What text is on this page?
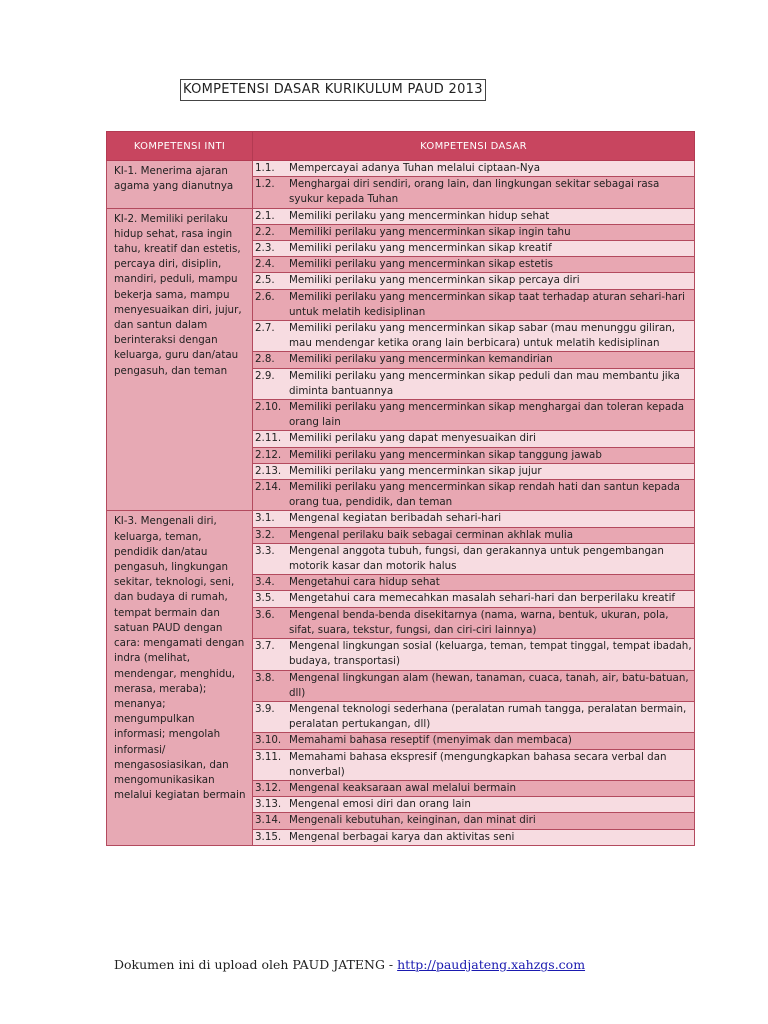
KOMPETENSI DASAR KURIKULUM PAUD 2013
KOMPETENSI INTI	KOMPETENSI DASAR
KI-1. Menerima ajaran agama yang dianutnya	1.1. Mempercayai adanya Tuhan melalui ciptaan-Nya

	1.2. Menghargai diri sendiri, orang lain, dan lingkungan sekitar sebagai rasa syukur kepada Tuhan

KI-2. Memiliki perilaku hidup sehat, rasa ingin tahu, kreatif dan estetis, percaya diri, disiplin, mandiri, peduli, mampu bekerja sama, mampu menyesuaikan diri, jujur, dan santun dalam berinteraksi dengan keluarga, guru dan/atau pengasuh, dan teman	2.1. Memiliki perilaku yang mencerminkan hidup sehat

	2.2. Memiliki perilaku yang mencerminkan sikap ingin tahu

	2.3. Memiliki perilaku yang mencerminkan sikap kreatif

	2.4. Memiliki perilaku yang mencerminkan sikap estetis

	2.5. Memiliki perilaku yang mencerminkan sikap percaya diri

	2.6. Memiliki perilaku yang mencerminkan sikap taat terhadap aturan sehari-hari untuk melatih kedisiplinan

	2.7. Memiliki perilaku yang mencerminkan sikap sabar (mau menunggu giliran, mau mendengar ketika orang lain berbicara) untuk melatih kedisiplinan

	2.8. Memiliki perilaku yang mencerminkan kemandirian

	2.9. Memiliki perilaku yang mencerminkan sikap peduli dan mau membantu jika diminta bantuannya

	2.10. Memiliki perilaku yang mencerminkan sikap menghargai dan toleran kepada orang lain

	2.11. Memiliki perilaku yang dapat menyesuaikan diri

	2.12. Memiliki perilaku yang mencerminkan sikap tanggung jawab

	2.13. Memiliki perilaku yang mencerminkan sikap jujur

	2.14. Memiliki perilaku yang mencerminkan sikap rendah hati dan santun kepada orang tua, pendidik, dan teman

KI-3. Mengenali diri, keluarga, teman, pendidik dan/atau pengasuh, lingkungan sekitar, teknologi, seni, dan budaya di rumah, tempat bermain dan satuan PAUD dengan cara: mengamati dengan indra (melihat, mendengar, menghidu, merasa, meraba); menanya; mengumpulkan informasi; mengolah informasi/ mengasosiasikan, dan mengomunikasikan melalui kegiatan bermain	3.1. Mengenal kegiatan beribadah sehari-hari

	3.2. Mengenal perilaku baik sebagai cerminan akhlak mulia

	3.3. Mengenal anggota tubuh, fungsi, dan gerakannya untuk pengembangan motorik kasar dan motorik halus

	3.4. Mengetahui cara hidup sehat

	3.5. Mengetahui cara memecahkan masalah sehari-hari dan berperilaku kreatif

	3.6. Mengenal benda-benda disekitarnya (nama, warna, bentuk, ukuran, pola, sifat, suara, tekstur, fungsi, dan ciri-ciri lainnya)

	3.7. Mengenal lingkungan sosial (keluarga, teman, tempat tinggal, tempat ibadah, budaya, transportasi)

	3.8. Mengenal lingkungan alam (hewan, tanaman, cuaca, tanah, air, batu-batuan, dll)

	3.9. Mengenal teknologi sederhana (peralatan rumah tangga, peralatan bermain, peralatan pertukangan, dll)

	3.10. Memahami bahasa reseptif (menyimak dan membaca)

	3.11. Memahami bahasa ekspresif (mengungkapkan bahasa secara verbal dan nonverbal)

	3.12. Mengenal keaksaraan awal melalui bermain

	3.13. Mengenal emosi diri dan orang lain

	3.14. Mengenali kebutuhan, keinginan, dan minat diri

	3.15. Mengenal berbagai karya dan aktivitas seni
Dokumen ini di upload oleh PAUD JATENG - http://paudjateng.xahzgs.com
